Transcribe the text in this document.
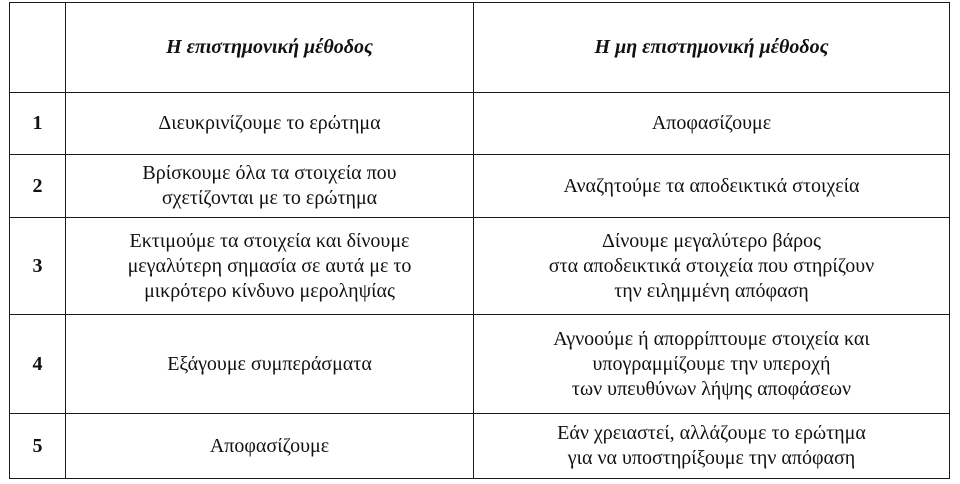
	Η επιστημονική μέθοδος	Η μη επιστημονική μέθοδος
1	Διευκρινίζουμε το ερώτημα	Αποφασίζουμε

2	Βρίσκουμε όλα τα στοιχεία που
σχετίζονται με το ερώτημα	Αναζητούμε τα αποδεικτικά στοιχεία

3	Εκτιμούμε τα στοιχεία και δίνουμε
μεγαλύτερη σημασία σε αυτά με το
μικρότερο κίνδυνο μεροληψίας	Δίνουμε μεγαλύτερο βάρος
στα αποδεικτικά στοιχεία που στηρίζουν
την ειλημμένη απόφαση

4	Εξάγουμε συμπεράσματα	Αγνοούμε ή απορρίπτουμε στοιχεία και
υπογραμμίζουμε την υπεροχή
των υπευθύνων λήψης αποφάσεων

5	Αποφασίζουμε	Εάν χρειαστεί, αλλάζουμε το ερώτημα
για να υποστηρίξουμε την απόφαση
